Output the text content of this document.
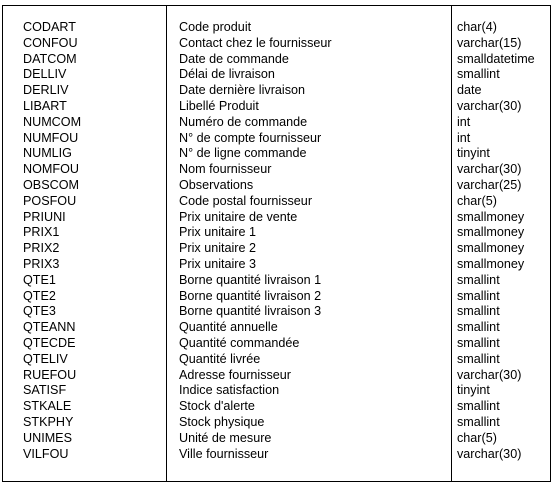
CODART	Code produit	char(4)
CONFOU	Contact chez le fournisseur	varchar(15)
DATCOM	Date de commande	smalldatetime
DELLIV	Délai de livraison	smallint
DERLIV	Date dernière livraison	date
LIBART	Libellé Produit	varchar(30)
NUMCOM	Numéro de commande	int
NUMFOU	N° de compte fournisseur	int
NUMLIG	N° de ligne commande	tinyint
NOMFOU	Nom fournisseur	varchar(30)
OBSCOM	Observations	varchar(25)
POSFOU	Code postal fournisseur	char(5)
PRIUNI	Prix unitaire de vente	smallmoney
PRIX1	Prix unitaire 1	smallmoney
PRIX2	Prix unitaire 2	smallmoney
PRIX3	Prix unitaire 3	smallmoney
QTE1	Borne quantité livraison 1	smallint
QTE2	Borne quantité livraison 2	smallint
QTE3	Borne quantité livraison 3	smallint
QTEANN	Quantité annuelle	smallint
QTECDE	Quantité commandée	smallint
QTELIV	Quantité livrée	smallint
RUEFOU	Adresse fournisseur	varchar(30)
SATISF	Indice satisfaction	tinyint
STKALE	Stock d'alerte	smallint
STKPHY	Stock physique	smallint
UNIMES	Unité de mesure	char(5)
VILFOU	Ville fournisseur	varchar(30)
